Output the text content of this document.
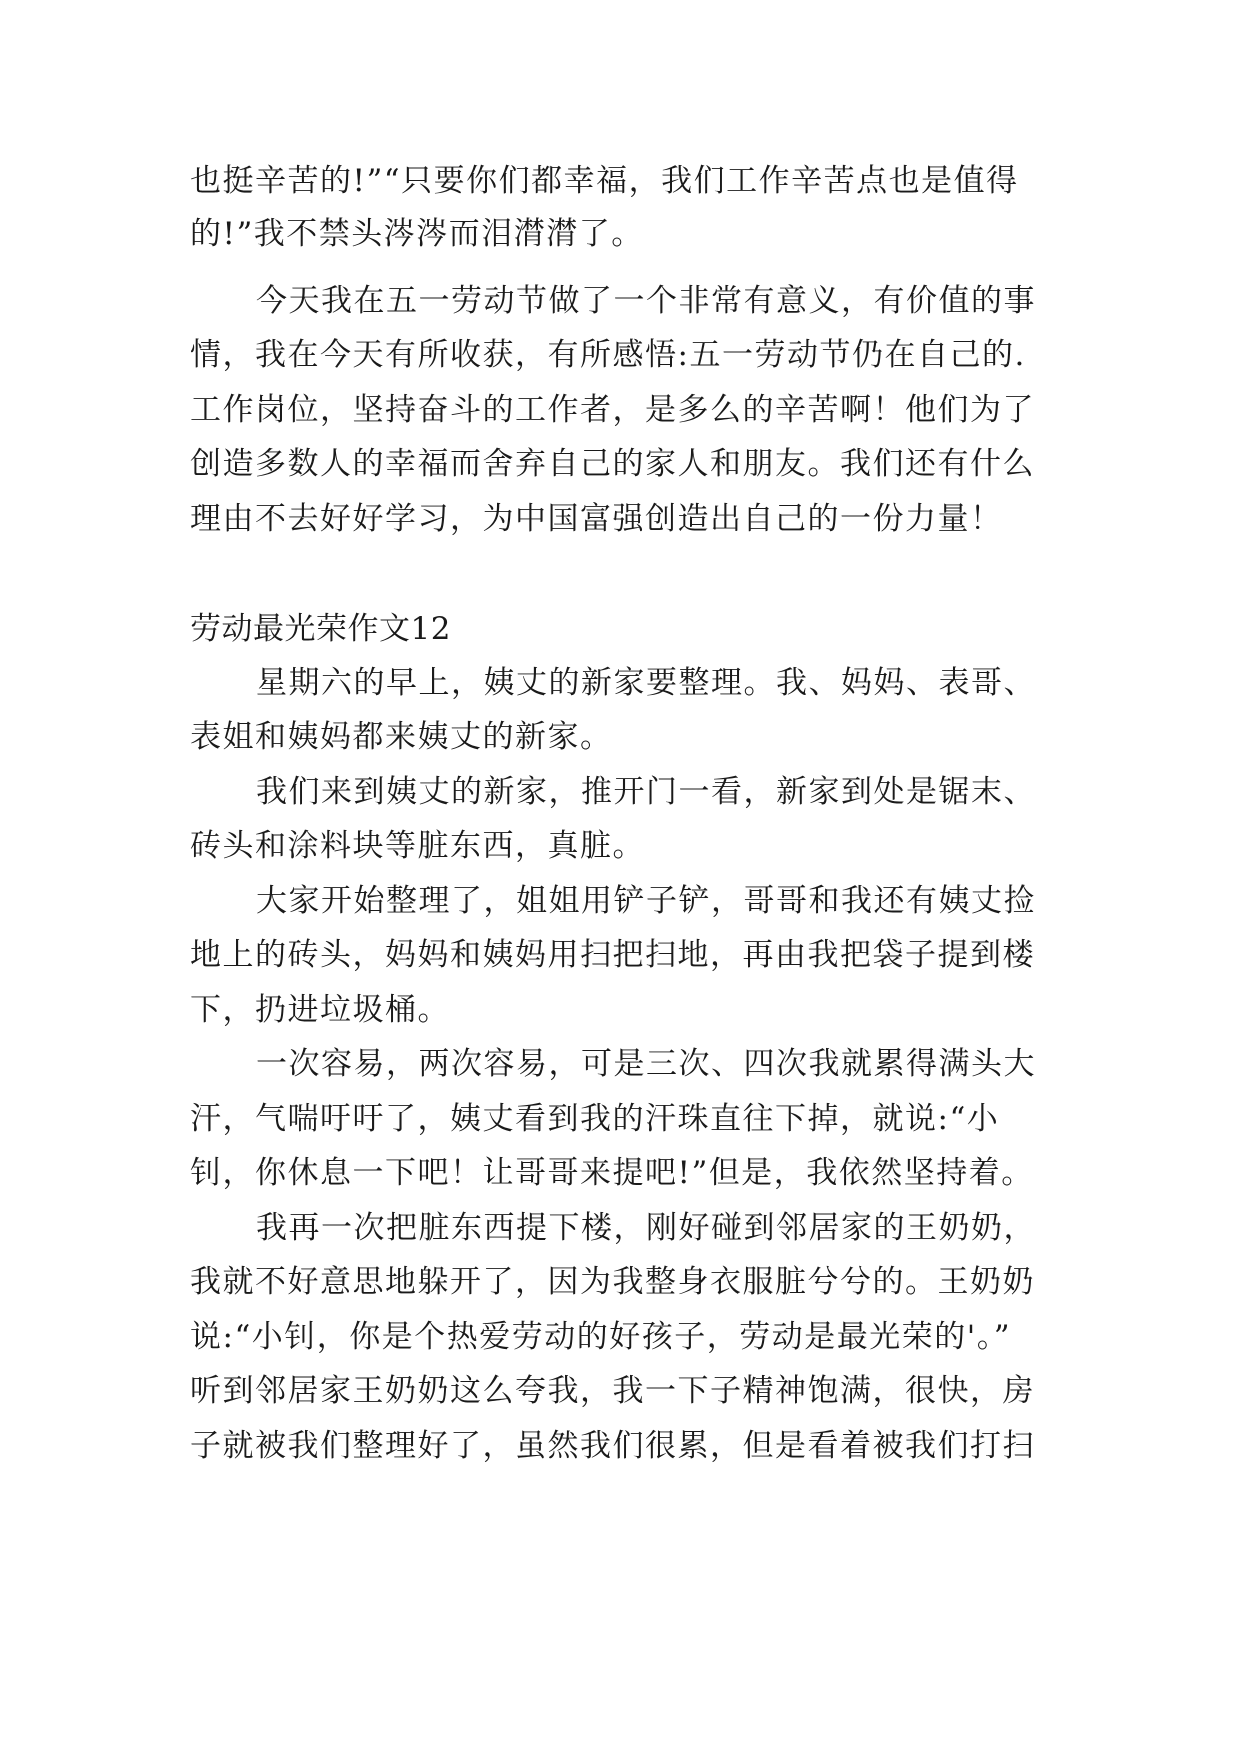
也挺辛苦的!”“只要你们都幸福，我们工作辛苦点也是值得
的!”我不禁头涔涔而泪潸潸了。
今天我在五一劳动节做了一个非常有意义，有价值的事
情，我在今天有所收获，有所感悟:五一劳动节仍在自己的.
工作岗位，坚持奋斗的工作者，是多么的辛苦啊！他们为了
创造多数人的幸福而舍弃自己的家人和朋友。我们还有什么
理由不去好好学习，为中国富强创造出自己的一份力量！
劳动最光荣作文12
星期六的早上，姨丈的新家要整理。我、妈妈、表哥、
表姐和姨妈都来姨丈的新家。
我们来到姨丈的新家，推开门一看，新家到处是锯末、
砖头和涂料块等脏东西，真脏。
大家开始整理了，姐姐用铲子铲，哥哥和我还有姨丈捡
地上的砖头，妈妈和姨妈用扫把扫地，再由我把袋子提到楼
下，扔进垃圾桶。
一次容易，两次容易，可是三次、四次我就累得满头大
汗，气喘吁吁了，姨丈看到我的汗珠直往下掉，就说:“小
钊，你休息一下吧！让哥哥来提吧!”但是，我依然坚持着。
我再一次把脏东西提下楼，刚好碰到邻居家的王奶奶，
我就不好意思地躲开了，因为我整身衣服脏兮兮的。王奶奶
说:“小钊，你是个热爱劳动的好孩子，劳动是最光荣的'。”
听到邻居家王奶奶这么夸我，我一下子精神饱满，很快，房
子就被我们整理好了，虽然我们很累，但是看着被我们打扫
